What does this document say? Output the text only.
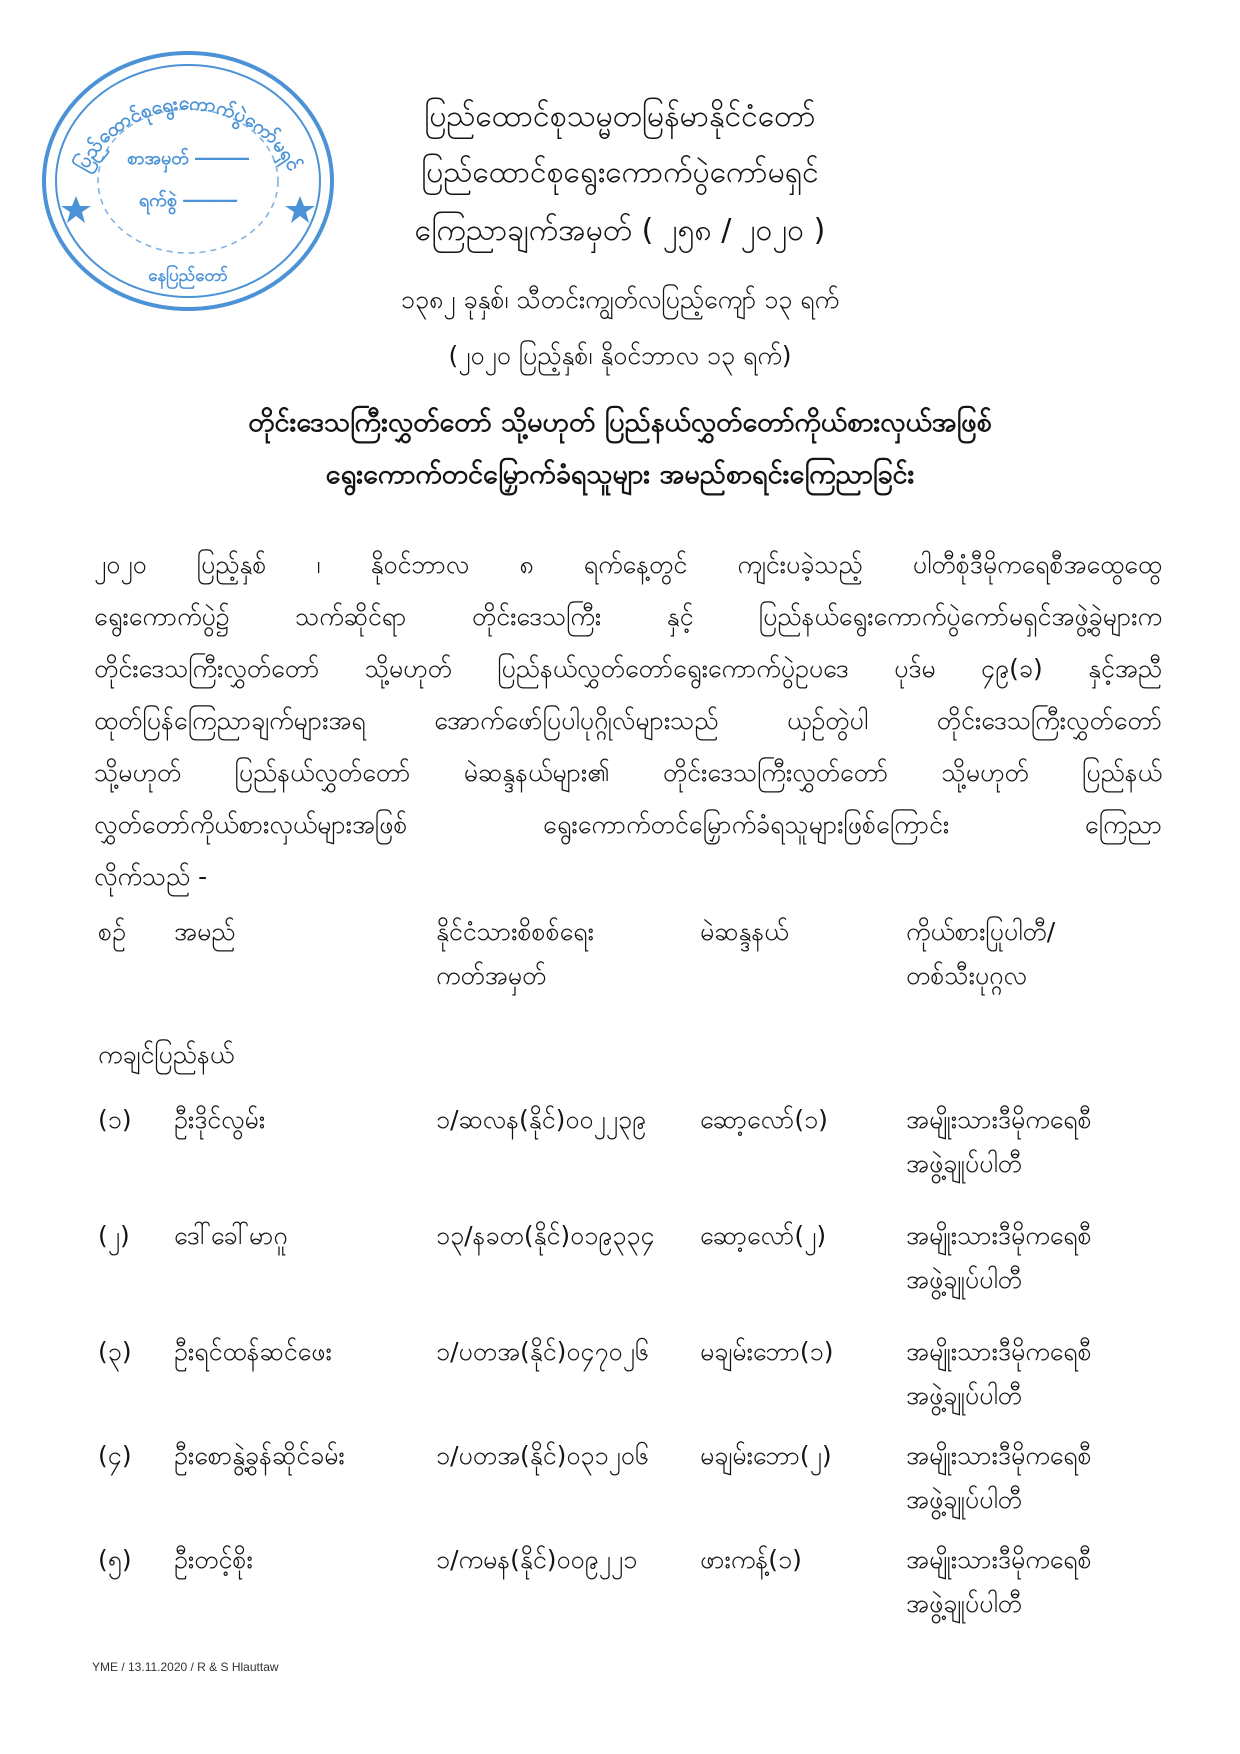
ပြည်ထောင်စုရွေးကောက်ပွဲကော်မရှင်
စာအမှတ် ―――
ရက်စွဲ ―――
နေပြည်တော်
ပြည်ထောင်စုသမ္မတမြန်မာနိုင်ငံတော်
ပြည်ထောင်စုရွေးကောက်ပွဲကော်မရှင်
ကြေညာချက်အမှတ် ( ၂၅၈ / ၂၀၂၀ )
၁၃၈၂ ခုနှစ်၊ သီတင်းကျွတ်လပြည့်ကျော် ၁၃ ရက်
(၂၀၂၀ ပြည့်နှစ်၊ နိုဝင်ဘာလ ၁၃ ရက်)
တိုင်းဒေသကြီးလွှတ်တော် သို့မဟုတ် ပြည်နယ်လွှတ်တော်ကိုယ်စားလှယ်အဖြစ်
ရွေးကောက်တင်မြှောက်ခံရသူများ အမည်စာရင်းကြေညာခြင်း
၂၀၂၀ ပြည့်နှစ် ၊ နိုဝင်ဘာလ ၈ ရက်နေ့တွင် ကျင်းပခဲ့သည့် ပါတီစုံဒီမိုကရေစီအထွေထွေ
ရွေးကောက်ပွဲ၌ သက်ဆိုင်ရာ တိုင်းဒေသကြီး နှင့် ပြည်နယ်ရွေးကောက်ပွဲကော်မရှင်အဖွဲ့ခွဲများက
တိုင်းဒေသကြီးလွှတ်တော် သို့မဟုတ် ပြည်နယ်လွှတ်တော်ရွေးကောက်ပွဲဥပဒေ ပုဒ်မ ၄၉(ခ) နှင့်အညီ
ထုတ်ပြန်ကြေညာချက်များအရ အောက်ဖော်ပြပါပုဂ္ဂိုလ်များသည် ယှဉ်တွဲပါ တိုင်းဒေသကြီးလွှတ်တော်
သို့မဟုတ် ပြည်နယ်လွှတ်တော် မဲဆန္ဒနယ်များ၏ တိုင်းဒေသကြီးလွှတ်တော် သို့မဟုတ် ပြည်နယ်
လွှတ်တော်ကိုယ်စားလှယ်များအဖြစ် ရွေးကောက်တင်မြှောက်ခံရသူများဖြစ်ကြောင်း ကြေညာ
လိုက်သည် -
စဉ် အမည်	နိုင်ငံသားစိစစ်ရေး
ကတ်အမှတ်
မဲဆန္ဒနယ်	ကိုယ်စားပြုပါတီ/
တစ်သီးပုဂ္ဂလ
ကချင်ပြည်နယ်
(၁) ဦးဒိုင်လွမ်း	၁/ဆလန(နိုင်)၀၀၂၂၃၉ ဆော့လော်(၁)	အမျိုးသားဒီမိုကရေစီ
အဖွဲ့ချုပ်ပါတီ
(၂) ဒေါ်ခေါ်မာဂူ	၁၃/နခတ(နိုင်)၀၁၉၃၃၄ ဆော့လော်(၂)	အမျိုးသားဒီမိုကရေစီ
အဖွဲ့ချုပ်ပါတီ
(၃) ဦးရင်ထန်ဆင်ဖေး	၁/ပတအ(နိုင်)၀၄၇၀၂၆ မချမ်းဘော(၁)	အမျိုးသားဒီမိုကရေစီ
အဖွဲ့ချုပ်ပါတီ
(၄) ဦးစောနွဲ့ခွန်ဆိုင်ခမ်း	၁/ပတအ(နိုင်)၀၃၁၂၀၆ မချမ်းဘော(၂)	အမျိုးသားဒီမိုကရေစီ
အဖွဲ့ချုပ်ပါတီ
(၅) ဦးတင့်စိုး	၁/ကမန(နိုင်)၀၀၉၂၂၁	ဖားကန့်(၁)	အမျိုးသားဒီမိုကရေစီ
အဖွဲ့ချုပ်ပါတီ
YME / 13.11.2020 / R & S Hlauttaw
